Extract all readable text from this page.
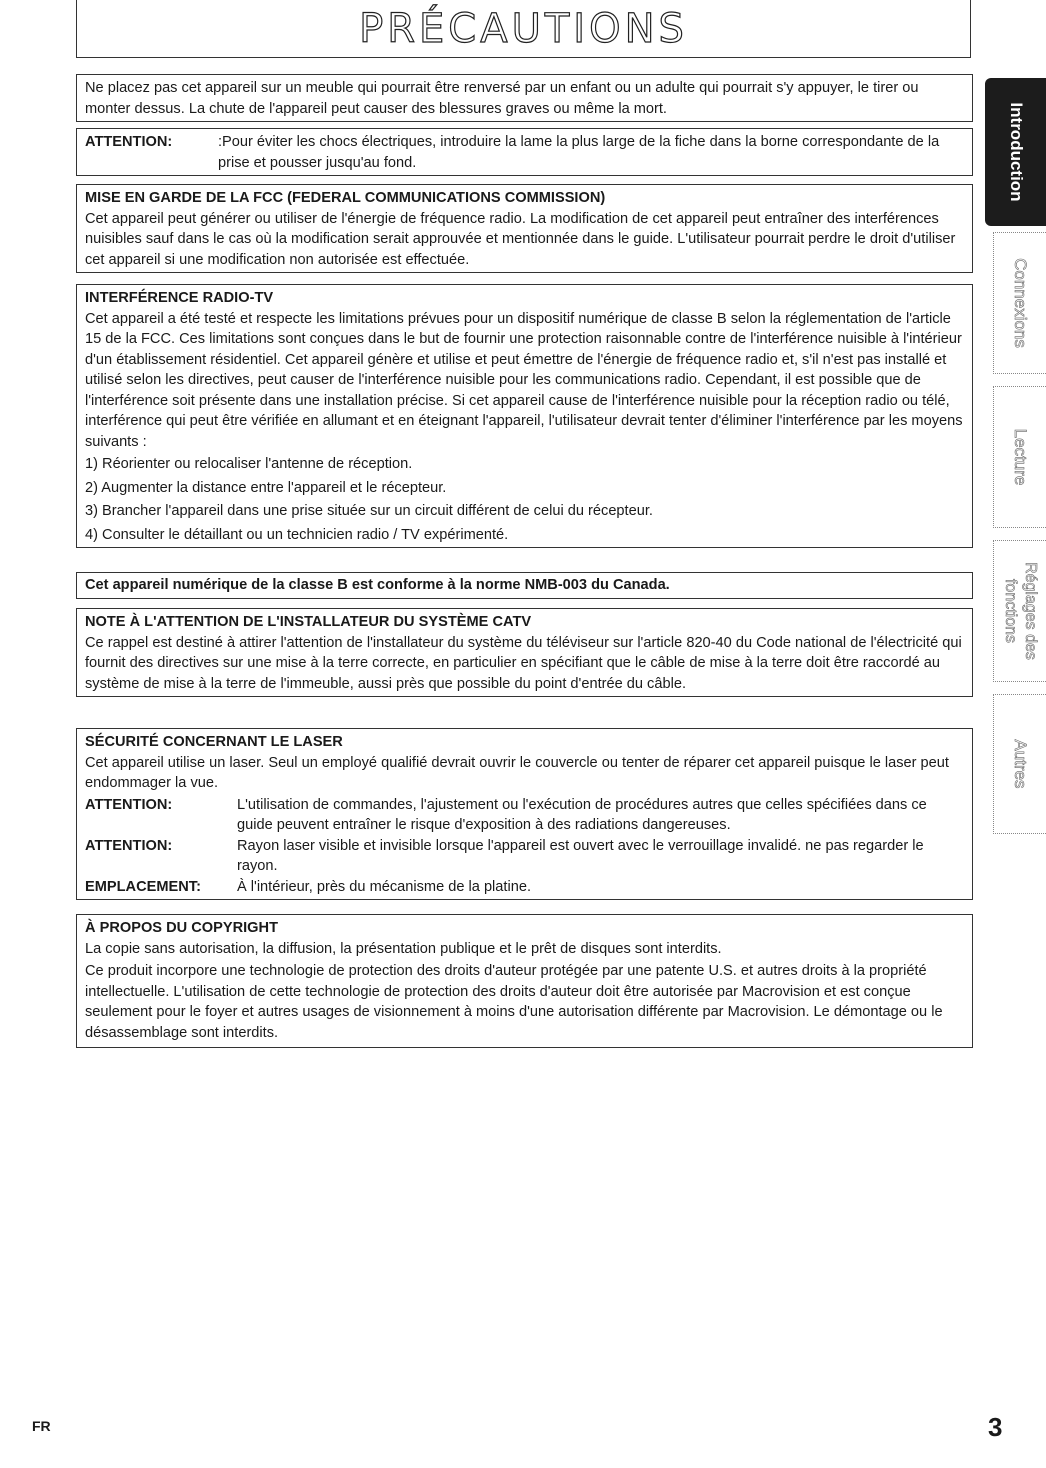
PRÉCAUTIONS

Ne placez pas cet appareil sur un meuble qui pourrait être renversé par un enfant ou un adulte qui pourrait s'y appuyer, le tirer ou monter dessus. La chute de l'appareil peut causer des blessures graves ou même la mort.

ATTENTION:	:Pour éviter les chocs électriques, introduire la lame la plus large de la fiche dans la borne correspondante de la prise et pousser jusqu'au fond.

MISE EN GARDE DE LA FCC (FEDERAL COMMUNICATIONS COMMISSION)

Cet appareil peut générer ou utiliser de l'énergie de fréquence radio. La modification de cet appareil peut entraîner des interférences nuisibles sauf dans le cas où la modification serait approuvée et mentionnée dans le guide. L'utilisateur pourrait perdre le droit d'utiliser cet appareil si une modification non autorisée est effectuée.

INTERFÉRENCE RADIO-TV

Cet appareil a été testé et respecte les limitations prévues pour un dispositif numérique de classe B selon la réglementation de l'article 15 de la FCC. Ces limitations sont conçues dans le but de fournir une protection raisonnable contre de l'interférence nuisible à l'intérieur d'un établissement résidentiel. Cet appareil génère et utilise et peut émettre de l'énergie de fréquence radio et, s'il n'est pas installé et utilisé selon les directives, peut causer de l'interférence nuisible pour les communications radio. Cependant, il est possible que de l'interférence soit présente dans une installation précise. Si cet appareil cause de l'interférence nuisible pour la réception radio ou télé, interférence qui peut être vérifiée en allumant et en éteignant l'appareil, l'utilisateur devrait tenter d'éliminer l'interférence par les moyens suivants :

1) Réorienter ou relocaliser l'antenne de réception.

2) Augmenter la distance entre l'appareil et le récepteur.

3) Brancher l'appareil dans une prise située sur un circuit différent de celui du récepteur.

4) Consulter le détaillant ou un technicien radio / TV expérimenté.

Cet appareil numérique de la classe B est conforme à la norme NMB-003 du Canada.

NOTE À L'ATTENTION DE L'INSTALLATEUR DU SYSTÈME CATV

Ce rappel est destiné à attirer l'attention de l'installateur du système du téléviseur sur l'article 820-40 du Code national de l'électricité qui fournit des directives sur une mise à la terre correcte, en particulier en spécifiant que le câble de mise à la terre doit être raccordé au système de mise à la terre de l'immeuble, aussi près que possible du point d'entrée du câble.

SÉCURITÉ CONCERNANT LE LASER

Cet appareil utilise un laser. Seul un employé qualifié devrait ouvrir le couvercle ou tenter de réparer cet appareil puisque le laser peut endommager la vue.

ATTENTION:	L'utilisation de commandes, l'ajustement ou l'exécution de procédures autres que celles spécifiées dans ce guide peuvent entraîner le risque d'exposition à des radiations dangereuses.
ATTENTION:	Rayon laser visible et invisible lorsque l'appareil est ouvert avec le verrouillage invalidé. ne pas regarder le rayon.
EMPLACEMENT:	À l'intérieur, près du mécanisme de la platine.

À PROPOS DU COPYRIGHT

La copie sans autorisation, la diffusion, la présentation publique et le prêt de disques sont interdits.

Ce produit incorpore une technologie de protection des droits d'auteur protégée par une patente U.S. et autres droits à la propriété intellectuelle. L'utilisation de cette technologie de protection des droits d'auteur doit être autorisée par Macrovision et est conçue seulement pour le foyer et autres usages de visionnement à moins d'une autorisation différente par Macrovision. Le démontage ou le désassemblage sont interdits.

Introduction
Connexions
Lecture
Réglages des
fonctions
Autres
FR	3
